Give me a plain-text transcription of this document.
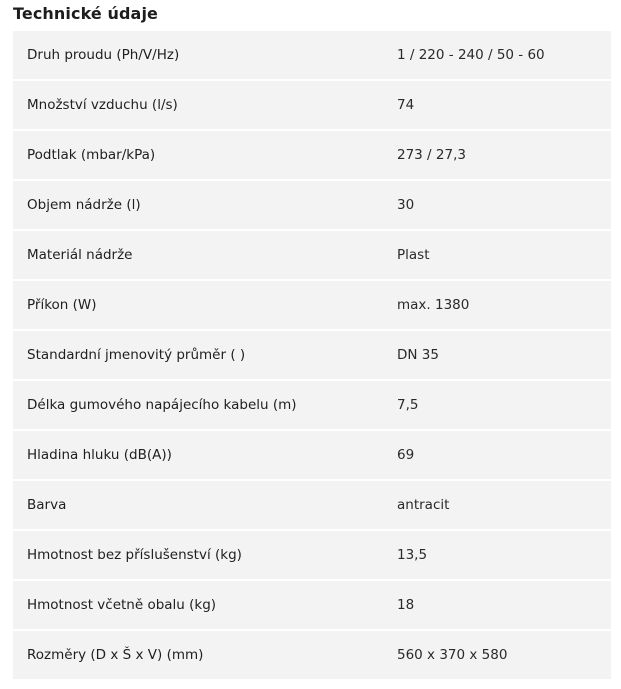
Technické údaje
Druh proudu (Ph/V/Hz)	1 / 220 - 240 / 50 - 60
Množství vzduchu (l/s)	74
Podtlak (mbar/kPa)	273 / 27,3
Objem nádrže (l)	30
Materiál nádrže	Plast
Příkon (W)	max. 1380
Standardní jmenovitý průměr ( )	DN 35
Délka gumového napájecího kabelu (m)	7,5
Hladina hluku (dB(A))	69
Barva	antracit
Hmotnost bez příslušenství (kg)	13,5
Hmotnost včetně obalu (kg)	18
Rozměry (D x Š x V) (mm)	560 x 370 x 580
